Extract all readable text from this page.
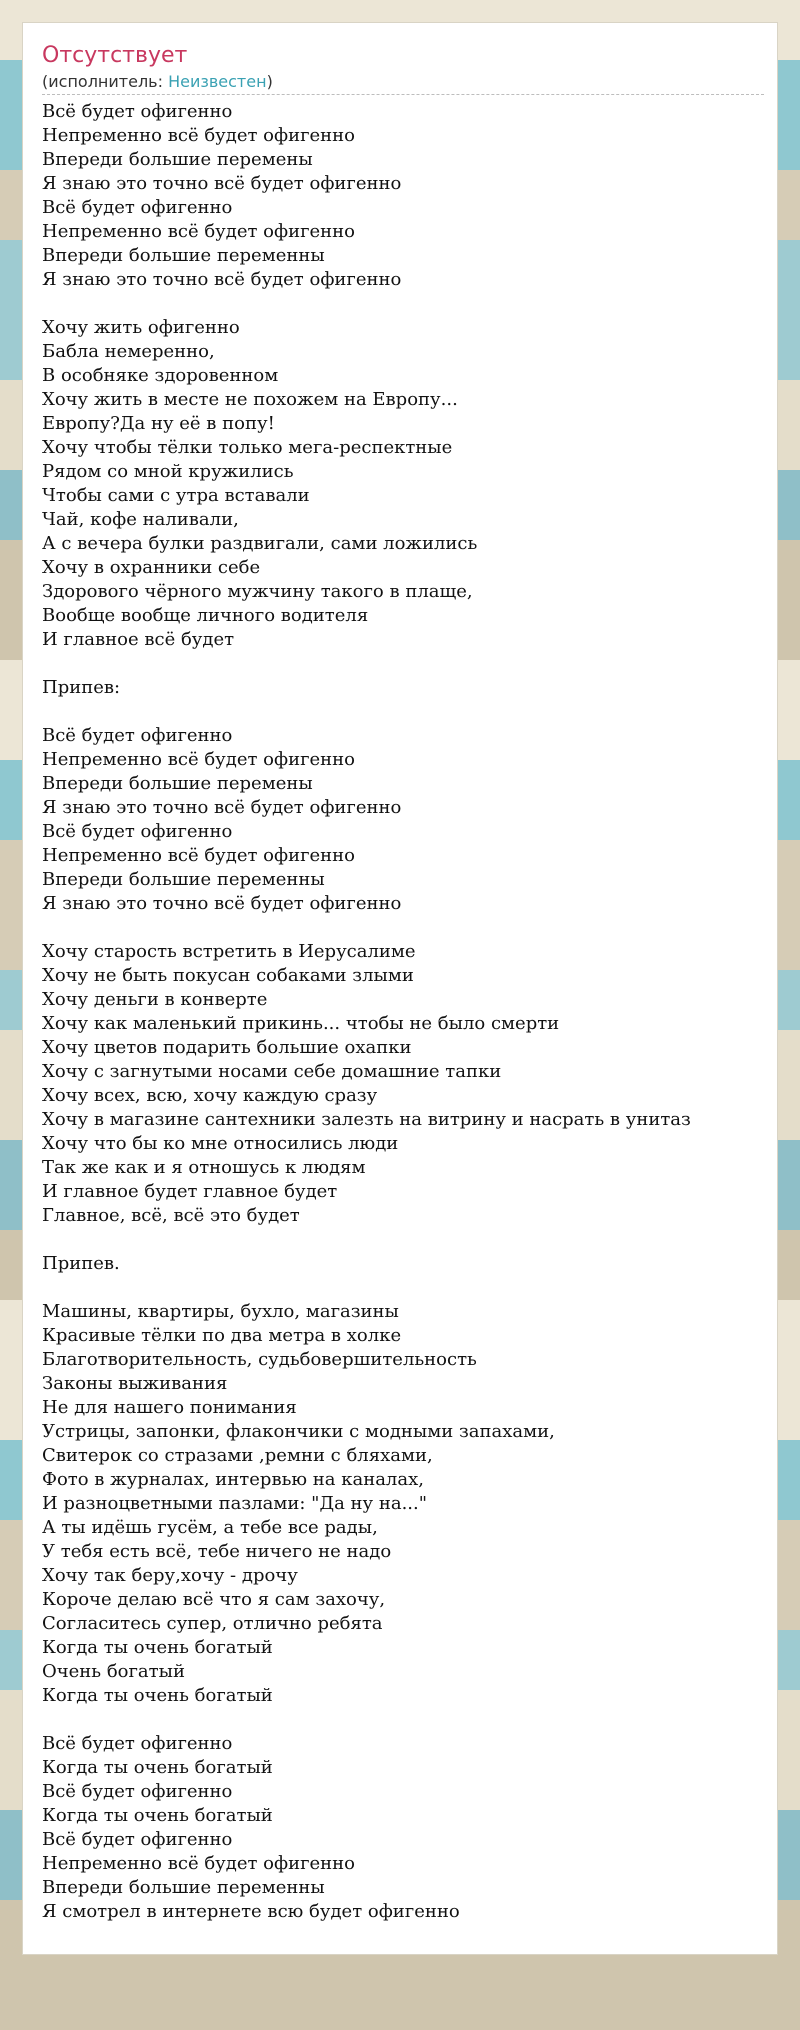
Отсутствует
(исполнитель: Неизвестен)
Всё будет офигенно
Непременно всё будет офигенно
Впереди большие перемены
Я знаю это точно всё будет офигенно
Всё будет офигенно
Непременно всё будет офигенно
Впереди большие переменны
Я знаю это точно всё будет офигенно
Хочу жить офигенно
Бабла немеренно,
В особняке здоровенном
Хочу жить в месте не похожем на Европу...
Европу?Да ну её в попу!
Хочу чтобы тёлки только мега-респектные
Рядом со мной кружились
Чтобы сами с утра вставали
Чай, кофе наливали,
А с вечера булки раздвигали, сами ложились
Хочу в охранники себе
Здорового чёрного мужчину такого в плаще,
Вообще вообще личного водителя
И главное всё будет
Припев:
Всё будет офигенно
Непременно всё будет офигенно
Впереди большие перемены
Я знаю это точно всё будет офигенно
Всё будет офигенно
Непременно всё будет офигенно
Впереди большие переменны
Я знаю это точно всё будет офигенно
Хочу старость встретить в Иерусалиме
Хочу не быть покусан собаками злыми
Хочу деньги в конверте
Хочу как маленький прикинь... чтобы не было смерти
Хочу цветов подарить большие охапки
Хочу с загнутыми носами себе домашние тапки
Хочу всех, всю, хочу каждую сразу
Хочу в магазине сантехники залезть на витрину и насрать в унитаз
Хочу что бы ко мне относились люди
Так же как и я отношусь к людям
И главное будет главное будет
Главное, всё, всё это будет
Припев.
Машины, квартиры, бухло, магазины
Красивые тёлки по два метра в холке
Благотворительность, судьбовершительность
Законы выживания
Не для нашего понимания
Устрицы, запонки, флакончики с модными запахами,
Свитерок со стразами ,ремни с бляхами,
Фото в журналах, интервью на каналах,
И разноцветными пазлами: "Да ну на..."
А ты идёшь гусём, а тебе все рады,
У тебя есть всё, тебе ничего не надо
Хочу так беру,хочу - дрочу
Короче делаю всё что я сам захочу,
Согласитесь супер, отлично ребята
Когда ты очень богатый
Очень богатый
Когда ты очень богатый
Всё будет офигенно
Когда ты очень богатый
Всё будет офигенно
Когда ты очень богатый
Всё будет офигенно
Непременно всё будет офигенно
Впереди большие переменны
Я смотрел в интернете всю будет офигенно
